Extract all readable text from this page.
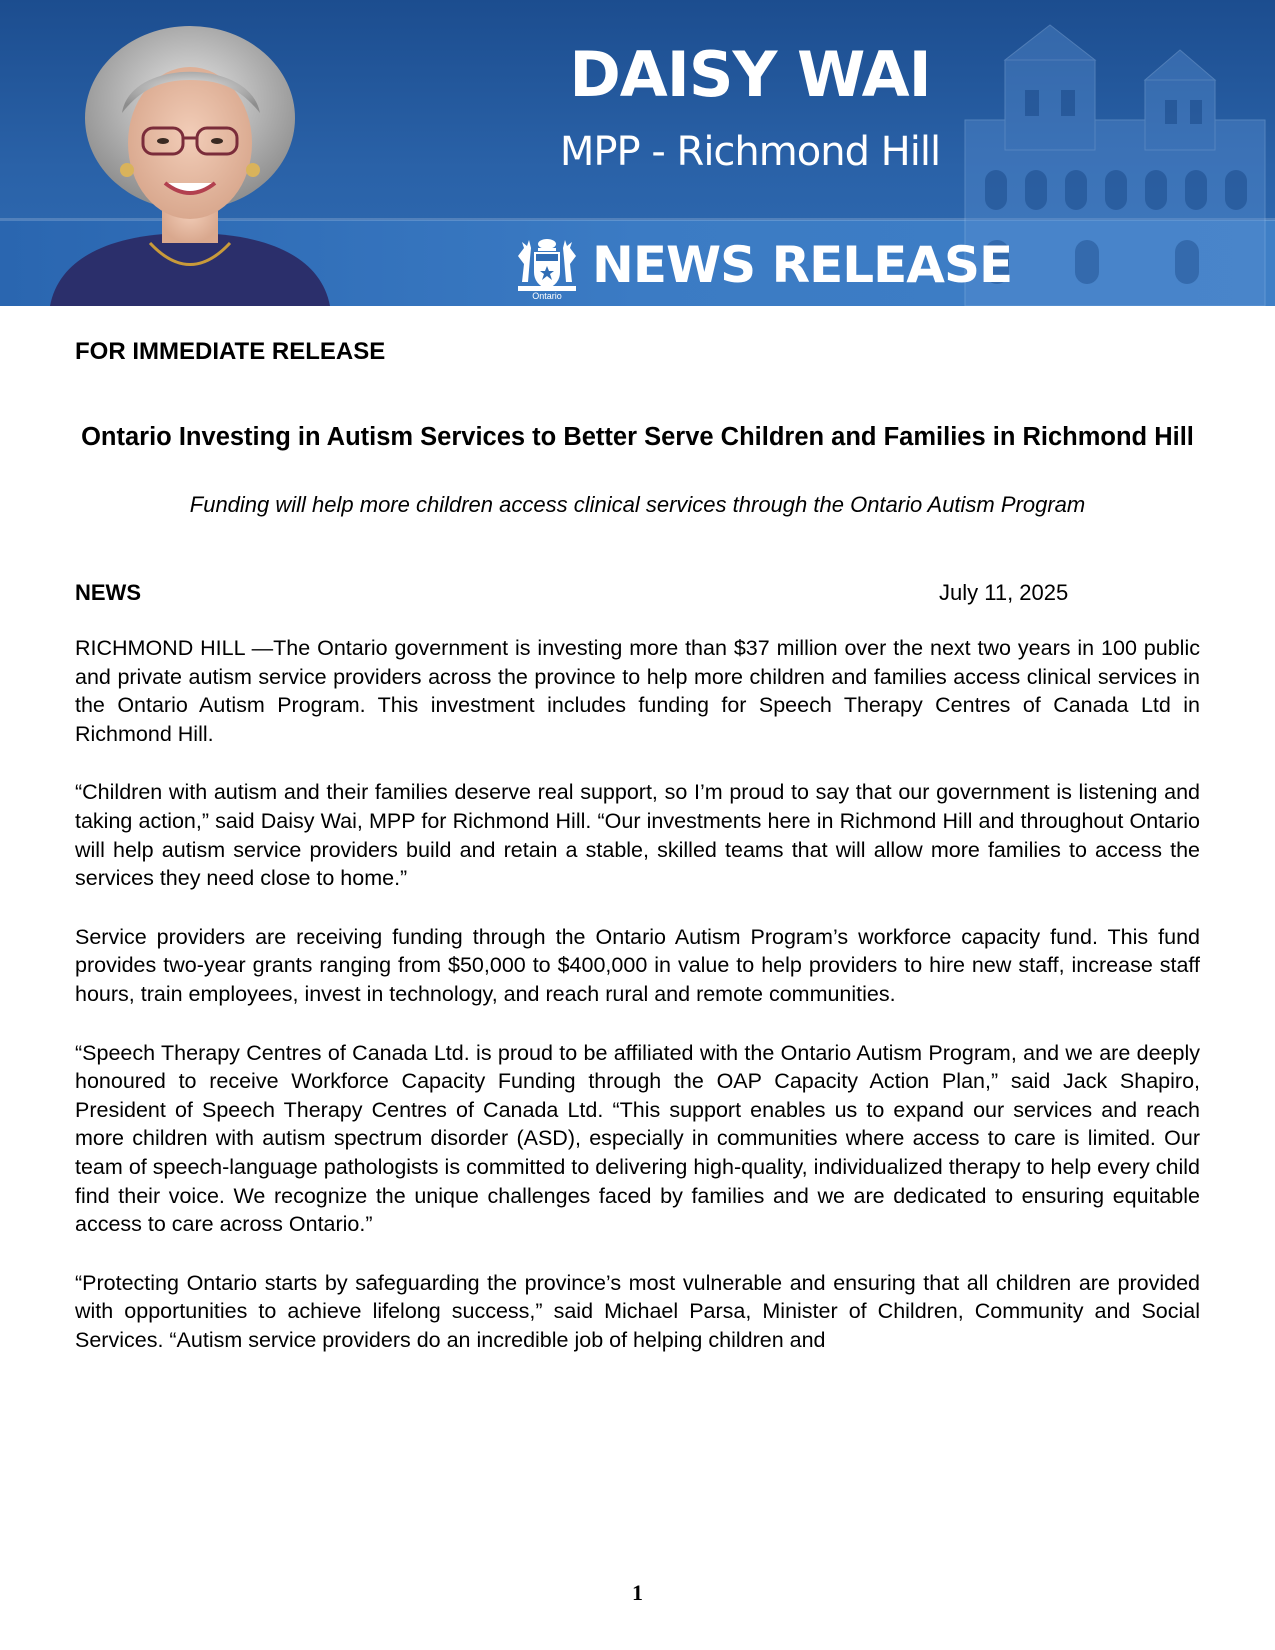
DAISY WAI
MPP - Richmond Hill
Ontario
NEWS RELEASE
FOR IMMEDIATE RELEASE
Ontario Investing in Autism Services to Better Serve Children and Families in Richmond Hill
Funding will help more children access clinical services through the Ontario Autism Program
NEWS	July 11, 2025

RICHMOND HILL —The Ontario government is investing more than $37 million over the next two years in 100 public and private autism service providers across the province to help more children and families access clinical services in the Ontario Autism Program. This investment includes funding for Speech Therapy Centres of Canada Ltd in Richmond Hill.

“Children with autism and their families deserve real support, so I’m proud to say that our government is listening and taking action,” said Daisy Wai, MPP for Richmond Hill. “Our investments here in Richmond Hill and throughout Ontario will help autism service providers build and retain a stable, skilled teams that will allow more families to access the services they need close to home.”

Service providers are receiving funding through the Ontario Autism Program’s workforce capacity fund. This fund provides two-year grants ranging from $50,000 to $400,000 in value to help providers to hire new staff, increase staff hours, train employees, invest in technology, and reach rural and remote communities.

“Speech Therapy Centres of Canada Ltd. is proud to be affiliated with the Ontario Autism Program, and we are deeply honoured to receive Workforce Capacity Funding through the OAP Capacity Action Plan,” said Jack Shapiro, President of Speech Therapy Centres of Canada Ltd. “This support enables us to expand our services and reach more children with autism spectrum disorder (ASD), especially in communities where access to care is limited. Our team of speech-language pathologists is committed to delivering high-quality, individualized therapy to help every child find their voice. We recognize the unique challenges faced by families and we are dedicated to ensuring equitable access to care across Ontario.”

“Protecting Ontario starts by safeguarding the province’s most vulnerable and ensuring that all children are provided with opportunities to achieve lifelong success,” said Michael Parsa, Minister of Children, Community and Social Services. “Autism service providers do an incredible job of helping children and

1
